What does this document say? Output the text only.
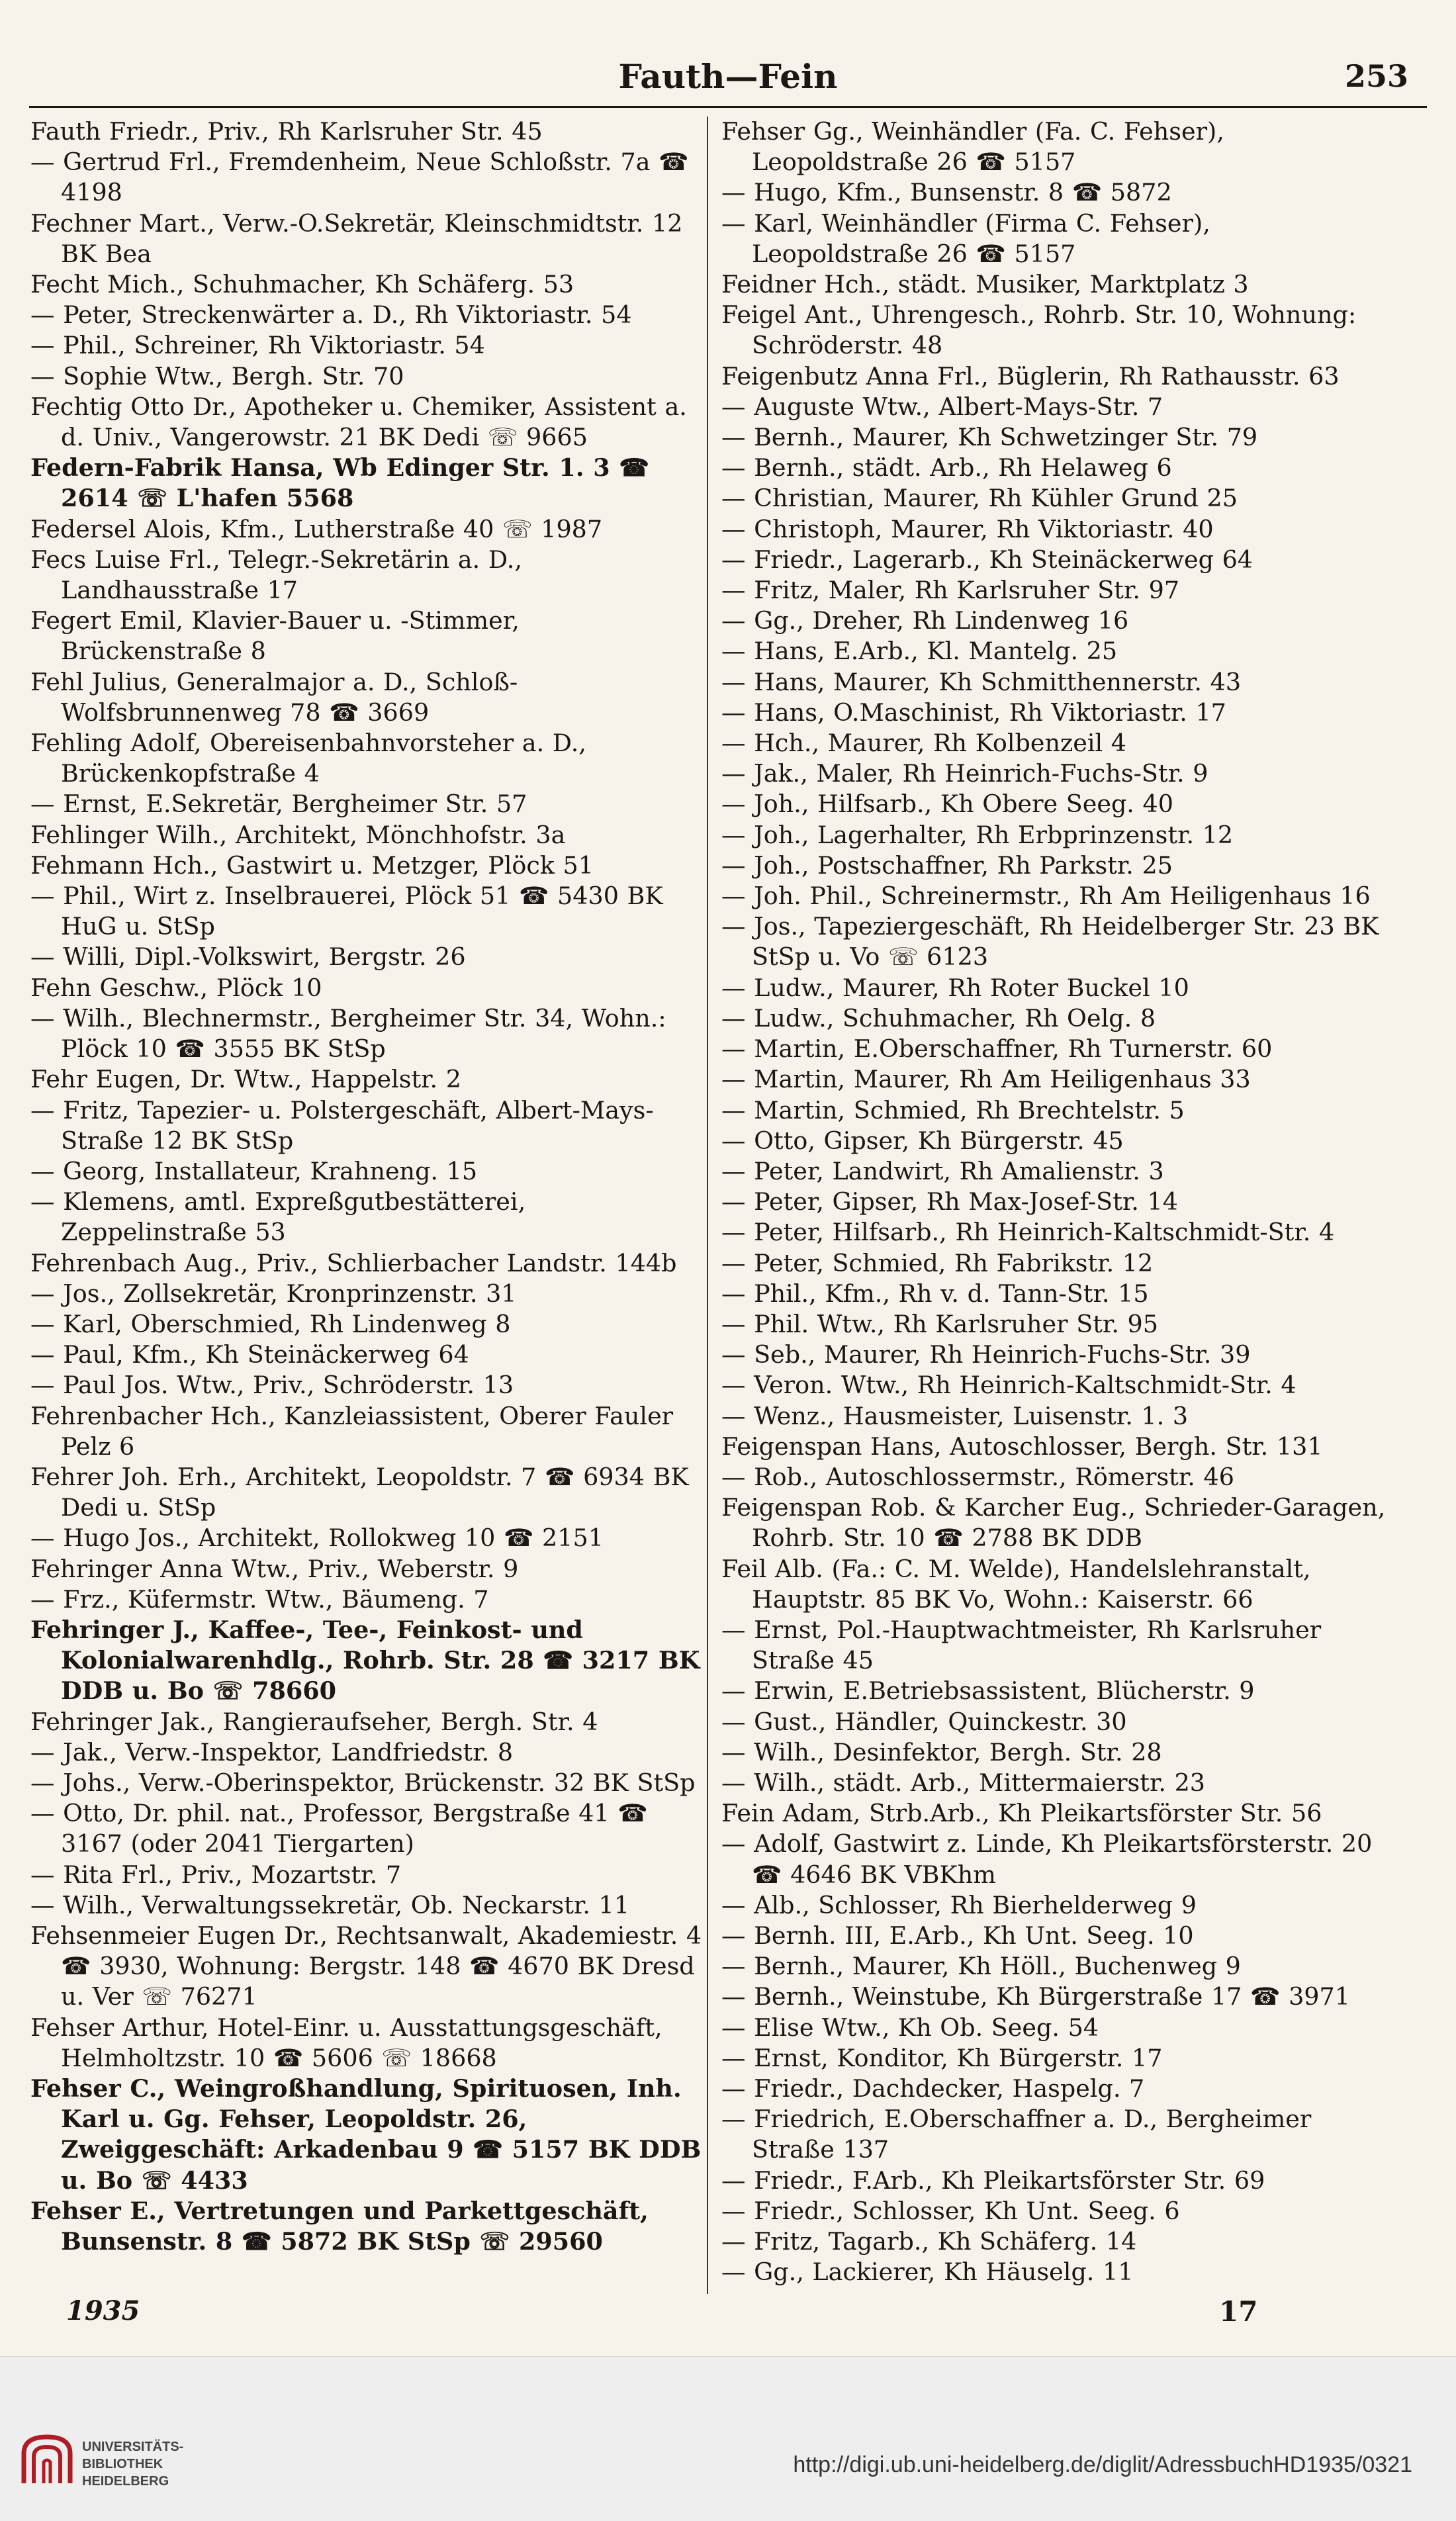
Fauth—Fein	253
Fauth Friedr., Priv., Rh Karlsruher Str. 45
— Gertrud Frl., Fremdenheim, Neue Schloßstr. 7a ☎ 4198
Fechner Mart., Verw.-O.Sekretär, Kleinschmidtstr. 12 BK Bea
Fecht Mich., Schuhmacher, Kh Schäferg. 53
— Peter, Streckenwärter a. D., Rh Viktoriastr. 54
— Phil., Schreiner, Rh Viktoriastr. 54
— Sophie Wtw., Bergh. Str. 70
Fechtig Otto Dr., Apotheker u. Chemiker, Assistent a. d. Univ., Vangerowstr. 21 BK Dedi ☏ 9665
Federn-Fabrik Hansa, Wb Edinger Str. 1. 3 ☎ 2614 ☏ L'hafen 5568
Federsel Alois, Kfm., Lutherstraße 40 ☏ 1987
Fecs Luise Frl., Telegr.-Sekretärin a. D., Landhausstraße 17
Fegert Emil, Klavier-Bauer u. -Stimmer, Brückenstraße 8
Fehl Julius, Generalmajor a. D., Schloß-Wolfsbrunnenweg 78 ☎ 3669
Fehling Adolf, Obereisenbahnvorsteher a. D., Brückenkopfstraße 4
— Ernst, E.Sekretär, Bergheimer Str. 57
Fehlinger Wilh., Architekt, Mönchhofstr. 3a
Fehmann Hch., Gastwirt u. Metzger, Plöck 51
— Phil., Wirt z. Inselbrauerei, Plöck 51 ☎ 5430 BK HuG u. StSp
— Willi, Dipl.-Volkswirt, Bergstr. 26
Fehn Geschw., Plöck 10
— Wilh., Blechnermstr., Bergheimer Str. 34, Wohn.: Plöck 10 ☎ 3555 BK StSp
Fehr Eugen, Dr. Wtw., Happelstr. 2
— Fritz, Tapezier- u. Polstergeschäft, Albert-Mays-Straße 12 BK StSp
— Georg, Installateur, Krahneng. 15
— Klemens, amtl. Expreßgutbestätterei, Zeppelinstraße 53
Fehrenbach Aug., Priv., Schlierbacher Landstr. 144b
— Jos., Zollsekretär, Kronprinzenstr. 31
— Karl, Oberschmied, Rh Lindenweg 8
— Paul, Kfm., Kh Steinäckerweg 64
— Paul Jos. Wtw., Priv., Schröderstr. 13
Fehrenbacher Hch., Kanzleiassistent, Oberer Fauler Pelz 6
Fehrer Joh. Erh., Architekt, Leopoldstr. 7 ☎ 6934 BK Dedi u. StSp
— Hugo Jos., Architekt, Rollokweg 10 ☎ 2151
Fehringer Anna Wtw., Priv., Weberstr. 9
— Frz., Küfermstr. Wtw., Bäumeng. 7
Fehringer J., Kaffee-, Tee-, Feinkost- und Kolonialwarenhdlg., Rohrb. Str. 28 ☎ 3217 BK DDB u. Bo ☏ 78660
Fehringer Jak., Rangieraufseher, Bergh. Str. 4
— Jak., Verw.-Inspektor, Landfriedstr. 8
— Johs., Verw.-Oberinspektor, Brückenstr. 32 BK StSp
— Otto, Dr. phil. nat., Professor, Bergstraße 41 ☎ 3167 (oder 2041 Tiergarten)
— Rita Frl., Priv., Mozartstr. 7
— Wilh., Verwaltungssekretär, Ob. Neckarstr. 11
Fehsenmeier Eugen Dr., Rechtsanwalt, Akademiestr. 4 ☎ 3930, Wohnung: Bergstr. 148 ☎ 4670 BK Dresd u. Ver ☏ 76271
Fehser Arthur, Hotel-Einr. u. Ausstattungsgeschäft, Helmholtzstr. 10 ☎ 5606 ☏ 18668
Fehser C., Weingroßhandlung, Spirituosen, Inh. Karl u. Gg. Fehser, Leopoldstr. 26, Zweiggeschäft: Arkadenbau 9 ☎ 5157 BK DDB u. Bo ☏ 4433
Fehser E., Vertretungen und Parkettgeschäft, Bunsenstr. 8 ☎ 5872 BK StSp ☏ 29560
Fehser Gg., Weinhändler (Fa. C. Fehser), Leopoldstraße 26 ☎ 5157
— Hugo, Kfm., Bunsenstr. 8 ☎ 5872
— Karl, Weinhändler (Firma C. Fehser), Leopoldstraße 26 ☎ 5157
Feidner Hch., städt. Musiker, Marktplatz 3
Feigel Ant., Uhrengesch., Rohrb. Str. 10, Wohnung: Schröderstr. 48
Feigenbutz Anna Frl., Büglerin, Rh Rathausstr. 63
— Auguste Wtw., Albert-Mays-Str. 7
— Bernh., Maurer, Kh Schwetzinger Str. 79
— Bernh., städt. Arb., Rh Helaweg 6
— Christian, Maurer, Rh Kühler Grund 25
— Christoph, Maurer, Rh Viktoriastr. 40
— Friedr., Lagerarb., Kh Steinäckerweg 64
— Fritz, Maler, Rh Karlsruher Str. 97
— Gg., Dreher, Rh Lindenweg 16
— Hans, E.Arb., Kl. Mantelg. 25
— Hans, Maurer, Kh Schmitthennerstr. 43
— Hans, O.Maschinist, Rh Viktoriastr. 17
— Hch., Maurer, Rh Kolbenzeil 4
— Jak., Maler, Rh Heinrich-Fuchs-Str. 9
— Joh., Hilfsarb., Kh Obere Seeg. 40
— Joh., Lagerhalter, Rh Erbprinzenstr. 12
— Joh., Postschaffner, Rh Parkstr. 25
— Joh. Phil., Schreinermstr., Rh Am Heiligenhaus 16
— Jos., Tapeziergeschäft, Rh Heidelberger Str. 23 BK StSp u. Vo ☏ 6123
— Ludw., Maurer, Rh Roter Buckel 10
— Ludw., Schuhmacher, Rh Oelg. 8
— Martin, E.Oberschaffner, Rh Turnerstr. 60
— Martin, Maurer, Rh Am Heiligenhaus 33
— Martin, Schmied, Rh Brechtelstr. 5
— Otto, Gipser, Kh Bürgerstr. 45
— Peter, Landwirt, Rh Amalienstr. 3
— Peter, Gipser, Rh Max-Josef-Str. 14
— Peter, Hilfsarb., Rh Heinrich-Kaltschmidt-Str. 4
— Peter, Schmied, Rh Fabrikstr. 12
— Phil., Kfm., Rh v. d. Tann-Str. 15
— Phil. Wtw., Rh Karlsruher Str. 95
— Seb., Maurer, Rh Heinrich-Fuchs-Str. 39
— Veron. Wtw., Rh Heinrich-Kaltschmidt-Str. 4
— Wenz., Hausmeister, Luisenstr. 1. 3
Feigenspan Hans, Autoschlosser, Bergh. Str. 131
— Rob., Autoschlossermstr., Römerstr. 46
Feigenspan Rob. & Karcher Eug., Schrieder-Garagen, Rohrb. Str. 10 ☎ 2788 BK DDB
Feil Alb. (Fa.: C. M. Welde), Handelslehranstalt, Hauptstr. 85 BK Vo, Wohn.: Kaiserstr. 66
— Ernst, Pol.-Hauptwachtmeister, Rh Karlsruher Straße 45
— Erwin, E.Betriebsassistent, Blücherstr. 9
— Gust., Händler, Quinckestr. 30
— Wilh., Desinfektor, Bergh. Str. 28
— Wilh., städt. Arb., Mittermaierstr. 23
Fein Adam, Strb.Arb., Kh Pleikartsförster Str. 56
— Adolf, Gastwirt z. Linde, Kh Pleikartsförsterstr. 20 ☎ 4646 BK VBKhm
— Alb., Schlosser, Rh Bierhelderweg 9
— Bernh. III, E.Arb., Kh Unt. Seeg. 10
— Bernh., Maurer, Kh Höll., Buchenweg 9
— Bernh., Weinstube, Kh Bürgerstraße 17 ☎ 3971
— Elise Wtw., Kh Ob. Seeg. 54
— Ernst, Konditor, Kh Bürgerstr. 17
— Friedr., Dachdecker, Haspelg. 7
— Friedrich, E.Oberschaffner a. D., Bergheimer Straße 137
— Friedr., F.Arb., Kh Pleikartsförster Str. 69
— Friedr., Schlosser, Kh Unt. Seeg. 6
— Fritz, Tagarb., Kh Schäferg. 14
— Gg., Lackierer, Kh Häuselg. 11
1935	17
UNIVERSITÄTS-
BIBLIOTHEK
HEIDELBERG
http://digi.ub.uni-heidelberg.de/diglit/AdressbuchHD1935/0321
